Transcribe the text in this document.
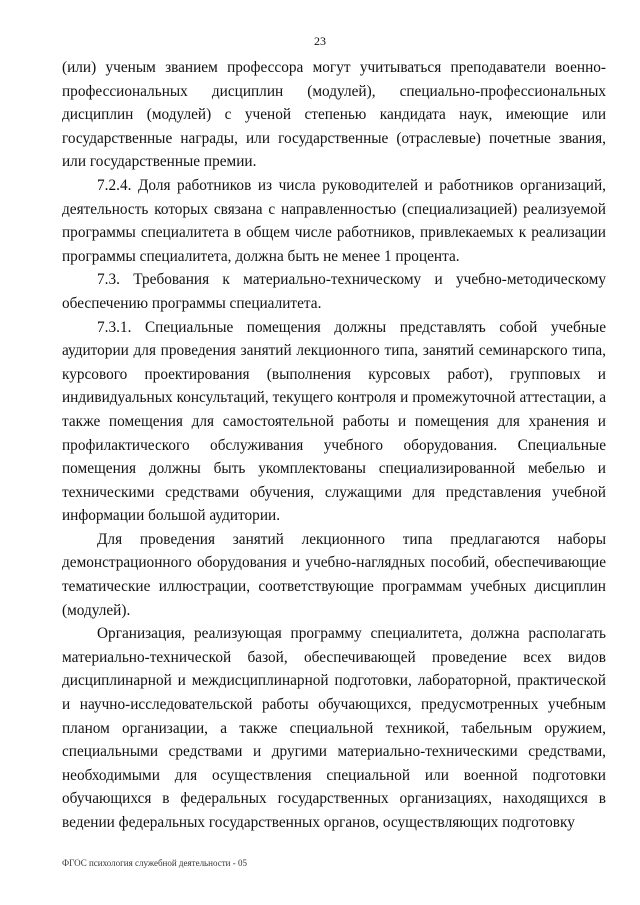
23

(или) ученым званием профессора могут учитываться преподаватели военно-профессиональных дисциплин (модулей), специально-профессиональных дисциплин (модулей) с ученой степенью кандидата наук, имеющие или государственные награды, или государственные (отраслевые) почетные звания, или государственные премии.

7.2.4. Доля работников из числа руководителей и работников организаций, деятельность которых связана с направленностью (специализацией) реализуемой программы специалитета в общем числе работников, привлекаемых к реализации программы специалитета, должна быть не менее 1 процента.

7.3. Требования к материально-техническому и учебно-методическому обеспечению программы специалитета.

7.3.1. Специальные помещения должны представлять собой учебные аудитории для проведения занятий лекционного типа, занятий семинарского типа, курсового проектирования (выполнения курсовых работ), групповых и индивидуальных консультаций, текущего контроля и промежуточной аттестации, а также помещения для самостоятельной работы и помещения для хранения и профилактического обслуживания учебного оборудования. Специальные помещения должны быть укомплектованы специализированной мебелью и техническими средствами обучения, служащими для представления учебной информации большой аудитории.

Для проведения занятий лекционного типа предлагаются наборы демонстрационного оборудования и учебно-наглядных пособий, обеспечивающие тематические иллюстрации, соответствующие программам учебных дисциплин (модулей).

Организация, реализующая программу специалитета, должна располагать материально-технической базой, обеспечивающей проведение всех видов дисциплинарной и междисциплинарной подготовки, лабораторной, практической и научно-исследовательской работы обучающихся, предусмотренных учебным планом организации, а также специальной техникой, табельным оружием, специальными средствами и другими материально-техническими средствами, необходимыми для осуществления специальной или военной подготовки обучающихся в федеральных государственных организациях, находящихся в ведении федеральных государственных органов, осуществляющих подготовку

ФГОС психология служебной деятельности - 05
